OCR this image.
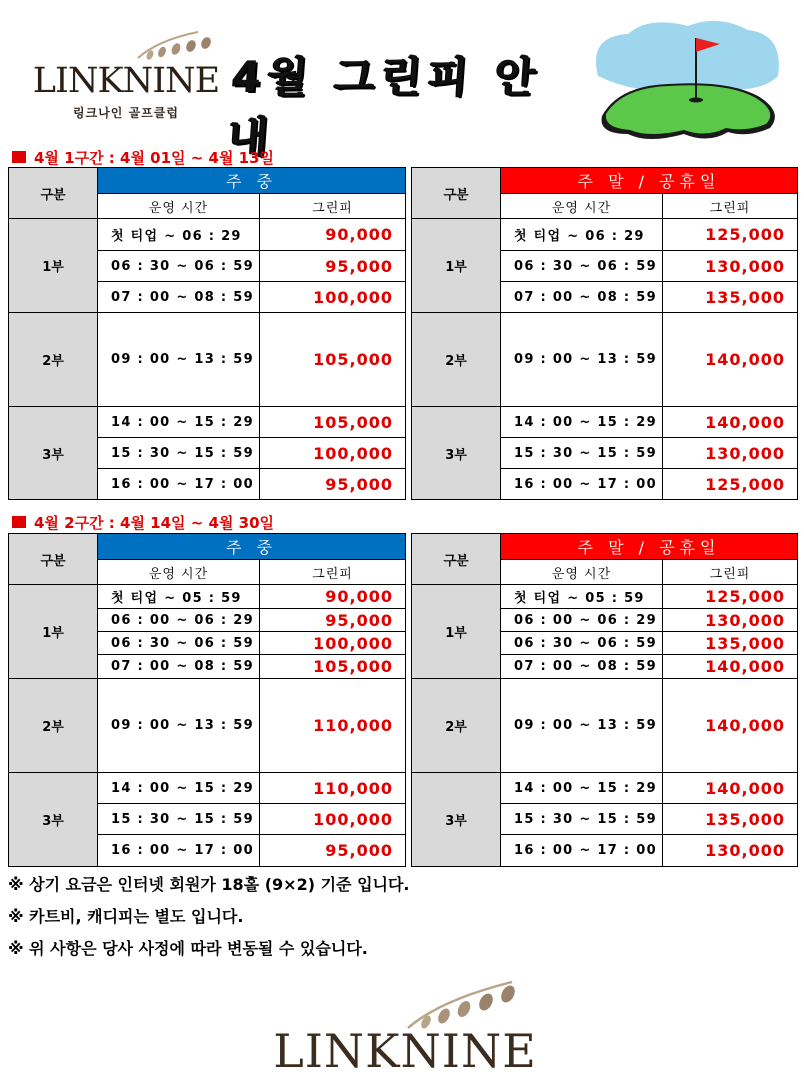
LINKNINE
링크나인 골프클럽
4월 그린피 안내
4월 1구간 : 4월 01일 ~ 4월 13일
구분	주 중	
	운영 시간	그린피
1부	첫 티업 ~ 06 : 29	90,000
	06 : 30 ~ 06 : 59	95,000
	07 : 00 ~ 08 : 59	100,000
2부	09 : 00 ~ 13 : 59	105,000
3부	14 : 00 ~ 15 : 29	105,000
	15 : 30 ~ 15 : 59	100,000
	16 : 00 ~ 17 : 00	95,000
구분	주 말 / 공휴일	
	운영 시간	그린피
1부	첫 티업 ~ 06 : 29	125,000
	06 : 30 ~ 06 : 59	130,000
	07 : 00 ~ 08 : 59	135,000
2부	09 : 00 ~ 13 : 59	140,000
3부	14 : 00 ~ 15 : 29	140,000
	15 : 30 ~ 15 : 59	130,000
	16 : 00 ~ 17 : 00	125,000
4월 2구간 : 4월 14일 ~ 4월 30일
구분	주 중	
	운영 시간	그린피
1부	첫 티업 ~ 05 : 59	90,000
	06 : 00 ~ 06 : 29	95,000
	06 : 30 ~ 06 : 59	100,000
	07 : 00 ~ 08 : 59	105,000
2부	09 : 00 ~ 13 : 59	110,000
3부	14 : 00 ~ 15 : 29	110,000
	15 : 30 ~ 15 : 59	100,000
	16 : 00 ~ 17 : 00	95,000
구분	주 말 / 공휴일	
	운영 시간	그린피
1부	첫 티업 ~ 05 : 59	125,000
	06 : 00 ~ 06 : 29	130,000
	06 : 30 ~ 06 : 59	135,000
	07 : 00 ~ 08 : 59	140,000
2부	09 : 00 ~ 13 : 59	140,000
3부	14 : 00 ~ 15 : 29	140,000
	15 : 30 ~ 15 : 59	135,000
	16 : 00 ~ 17 : 00	130,000
※ 상기 요금은 인터넷 회원가 18홀 (9×2) 기준 입니다.
※ 카트비, 캐디피는 별도 입니다.
※ 위 사항은 당사 사정에 따라 변동될 수 있습니다.
LINKNINE
